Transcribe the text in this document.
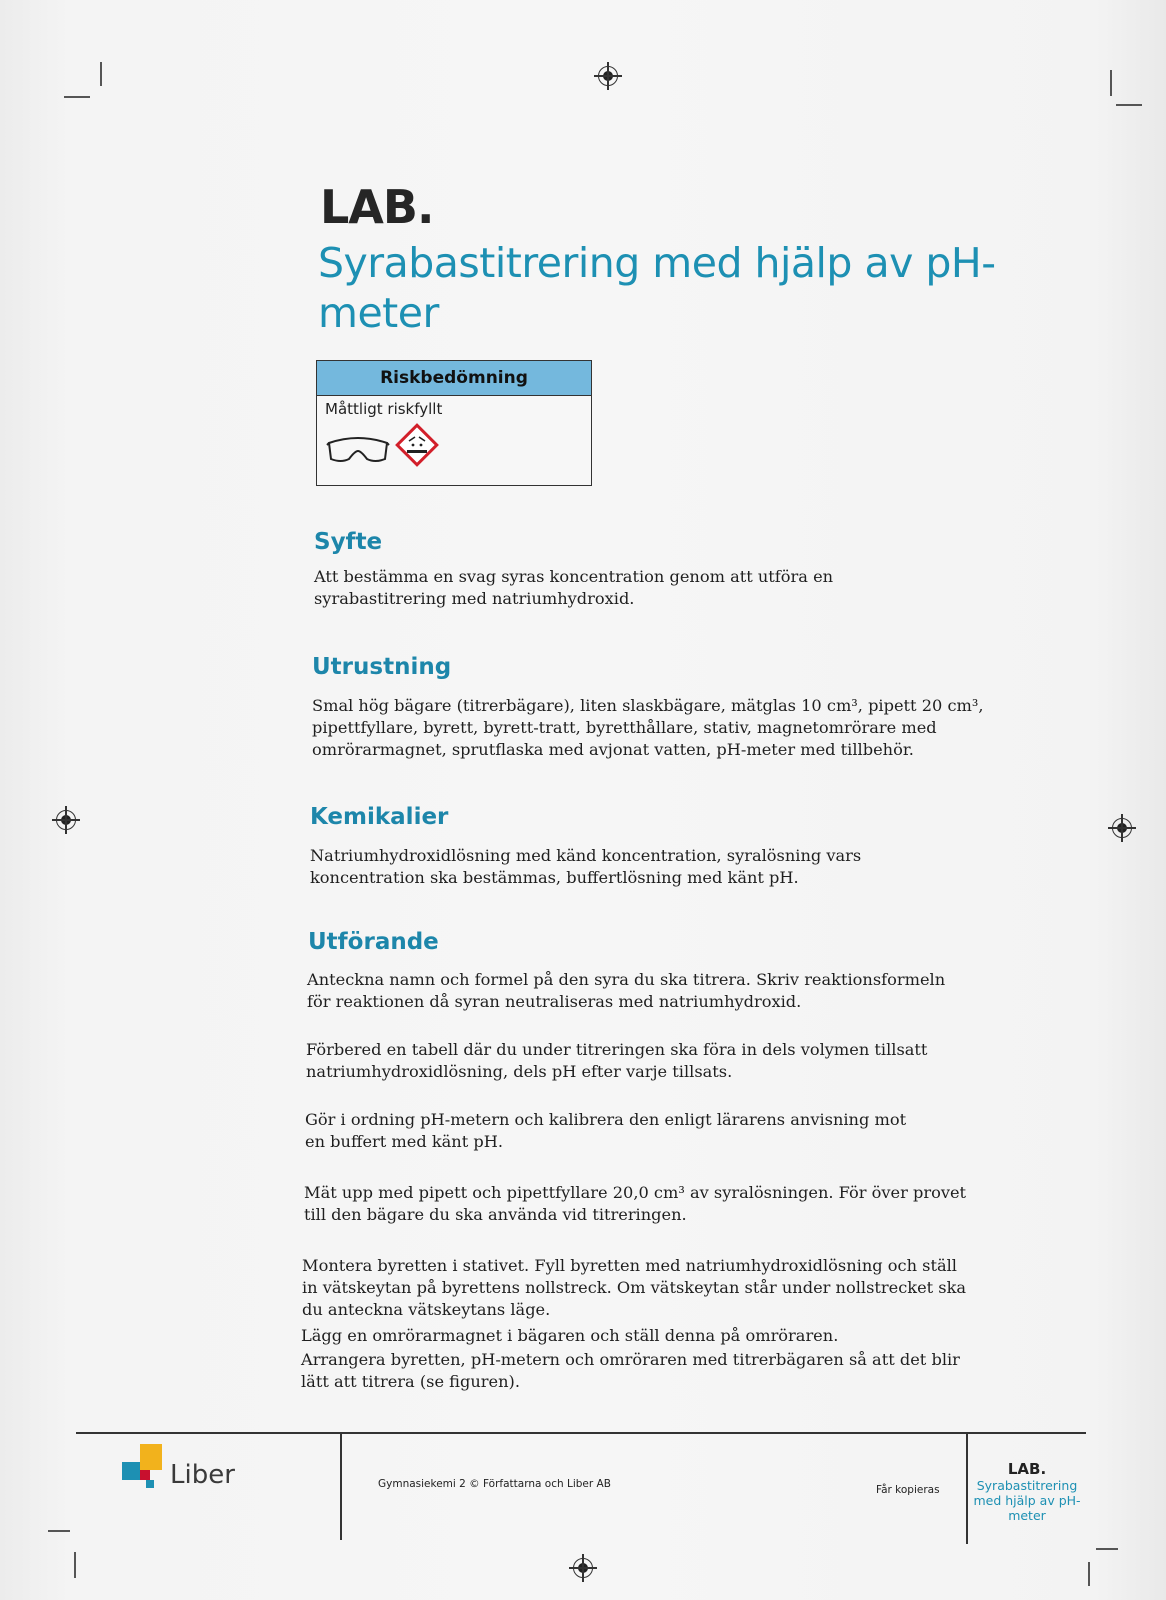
LAB.
Syrabastitrering med hjälp av pH-meter
Riskbedömning
Måttligt riskfyllt
Syfte
Att bestämma en svag syras koncentration genom att utföra en syrabastitrering med natriumhydroxid.
Utrustning
Smal hög bägare (titrerbägare), liten slaskbägare, mätglas 10 cm³, pipett 20 cm³, pipettfyllare, byrett, byrett-tratt, byretthållare, stativ, magnetomrörare med omrörarmagnet, sprutflaska med avjonat vatten, pH-meter med tillbehör.
Kemikalier
Natriumhydroxidlösning med känd koncentration, syralösning vars koncentration ska bestämmas, buffertlösning med känt pH.
Utförande
Anteckna namn och formel på den syra du ska titrera. Skriv reaktionsformeln för reaktionen då syran neutraliseras med natriumhydroxid.
Förbered en tabell där du under titreringen ska föra in dels volymen tillsatt natriumhydroxidlösning, dels pH efter varje tillsats.
Gör i ordning pH-metern och kalibrera den enligt lärarens anvisning mot en buffert med känt pH.
Mät upp med pipett och pipettfyllare 20,0 cm³ av syralösningen. För över provet till den bägare du ska använda vid titreringen.
Montera byretten i stativet. Fyll byretten med natriumhydroxidlösning och ställ in vätskeytan på byrettens nollstreck. Om vätskeytan står under nollstrecket ska du anteckna vätskeytans läge.
Lägg en omrörarmagnet i bägaren och ställ denna på omröraren.
Arrangera byretten, pH-metern och omröraren med titrerbägaren så att det blir lätt att titrera (se figuren).
Liber	Gymnasiekemi 2 © Författarna och Liber AB	Får kopieras
LAB.
Syrabastitrering med hjälp av pH-meter
